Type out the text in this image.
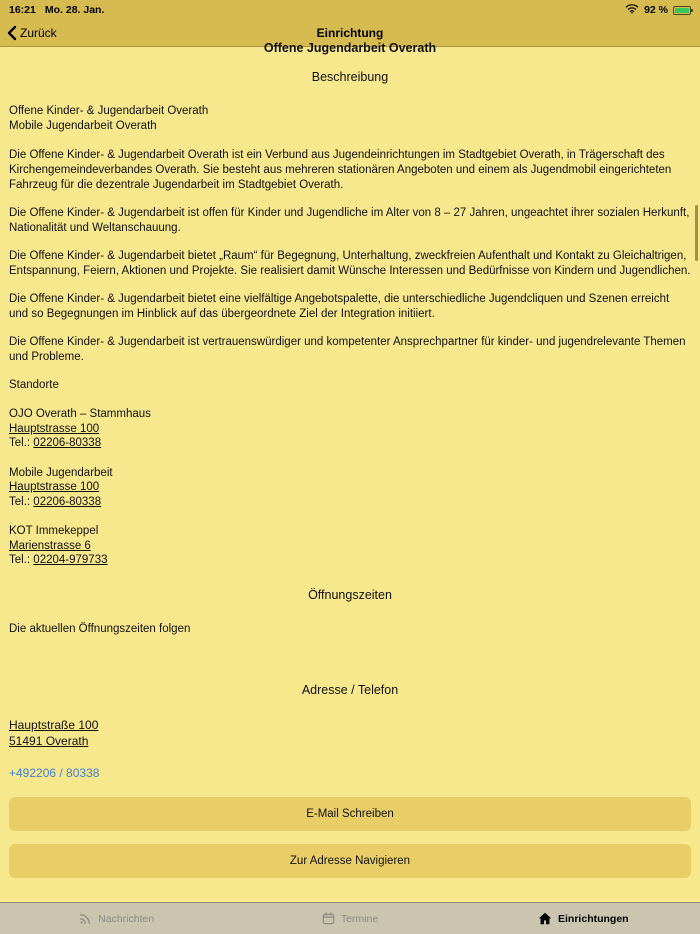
16:21 Mo. 28. Jan.	92 %
Zurück	Einrichtung
Offene Jugendarbeit Overath
Beschreibung
Offene Kinder- & Jugendarbeit Overath
Mobile Jugendarbeit Overath

Die Offene Kinder- & Jugendarbeit Overath ist ein Verbund aus Jugendeinrichtungen im Stadtgebiet Overath, in Trägerschaft des Kirchengemeindeverbandes Overath. Sie besteht aus mehreren stationären Angeboten und einem als Jugendmobil eingerichteten Fahrzeug für die dezentrale Jugendarbeit im Stadtgebiet Overath.

Die Offene Kinder- & Jugendarbeit ist offen für Kinder und Jugendliche im Alter von 8 – 27 Jahren, ungeachtet ihrer sozialen Herkunft, Nationalität und Weltanschauung.

Die Offene Kinder- & Jugendarbeit bietet „Raum“ für Begegnung, Unterhaltung, zweckfreien Aufenthalt und Kontakt zu Gleichaltrigen, Entspannung, Feiern, Aktionen und Projekte. Sie realisiert damit Wünsche Interessen und Bedürfnisse von Kindern und Jugendlichen.

Die Offene Kinder- & Jugendarbeit bietet eine vielfältige Angebotspalette, die unterschiedliche Jugendcliquen und Szenen erreicht und so Begegnungen im Hinblick auf das übergeordnete Ziel der Integration initiiert.

Die Offene Kinder- & Jugendarbeit ist vertrauenswürdiger und kompetenter Ansprechpartner für kinder- und jugendrelevante Themen und Probleme.

Standorte
OJO Overath – Stammhaus
Hauptstrasse 100
Tel.: 02206-80338
Mobile Jugendarbeit
Hauptstrasse 100
Tel.: 02206-80338
KOT Immekeppel
Marienstrasse 6
Tel.: 02204-979733
Öffnungszeiten
Die aktuellen Öffnungszeiten folgen
Adresse / Telefon
Hauptstraße 100
51491 Overath
+492206 / 80338
E-Mail Schreiben
Zur Adresse Navigieren
Nachrichten	Termine	Einrichtungen
